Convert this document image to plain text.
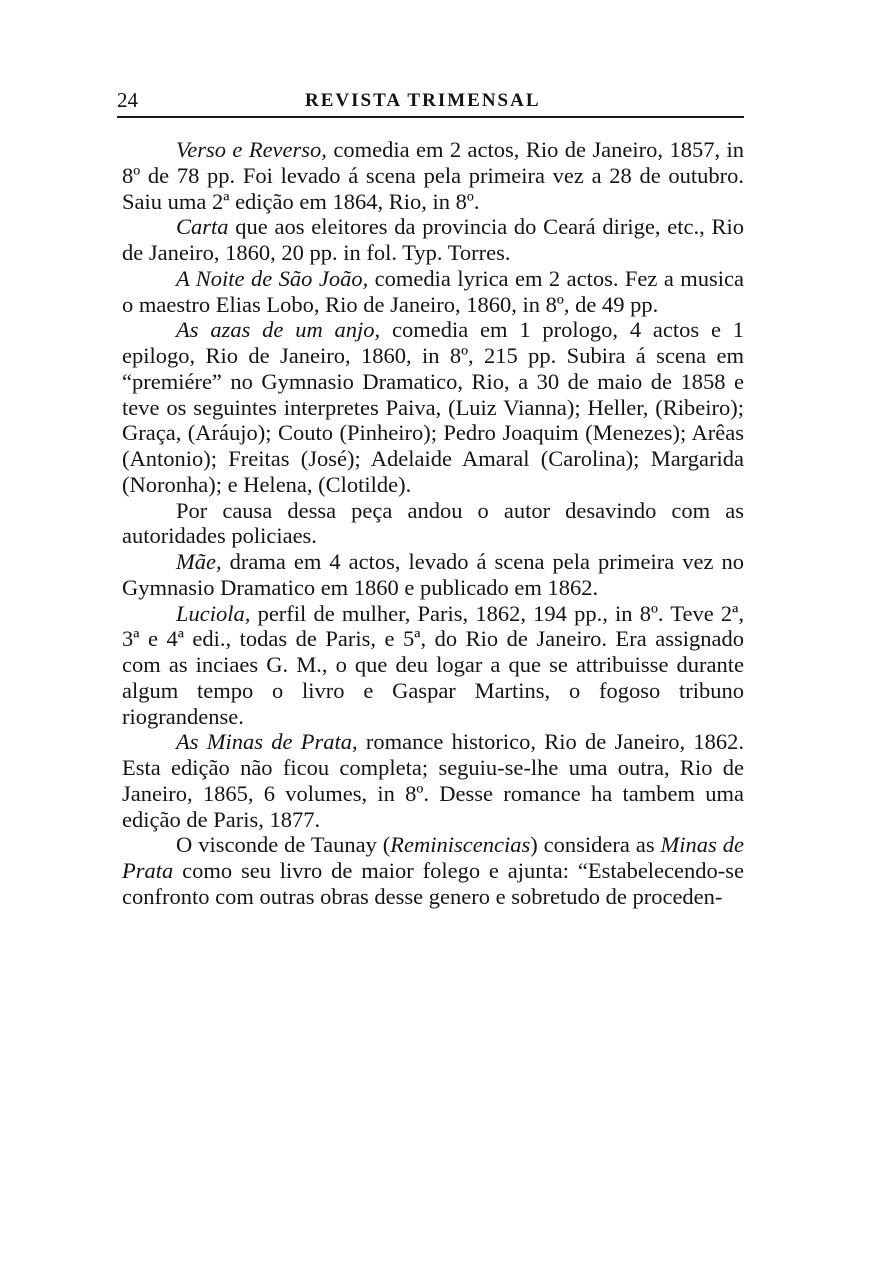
24	REVISTA TRIMENSAL

Verso e Reverso, comedia em 2 actos, Rio de Janeiro, 1857, in 8º de 78 pp. Foi levado á scena pela primeira vez a 28 de outubro. Saiu uma 2ª edição em 1864, Rio, in 8º.

Carta que aos eleitores da provincia do Ceará dirige, etc., Rio de Janeiro, 1860, 20 pp. in fol. Typ. Torres.

A Noite de São João, comedia lyrica em 2 actos. Fez a musica o maestro Elias Lobo, Rio de Janeiro, 1860, in 8º, de 49 pp.

As azas de um anjo, comedia em 1 prologo, 4 actos e 1 epilogo, Rio de Janeiro, 1860, in 8º, 215 pp. Subira á scena em “premiére” no Gymnasio Dramatico, Rio, a 30 de maio de 1858 e teve os seguintes interpretes Paiva, (Luiz Vianna); Heller, (Ribeiro); Graça, (Aráujo); Couto (Pinheiro); Pedro Joaquim (Menezes); Arêas (Antonio); Freitas (José); Adelaide Amaral (Carolina); Margarida (Noronha); e Helena, (Clotilde).

Por causa dessa peça andou o autor desavindo com as autoridades policiaes.

Mãe, drama em 4 actos, levado á scena pela primeira vez no Gymnasio Dramatico em 1860 e publicado em 1862.

Luciola, perfil de mulher, Paris, 1862, 194 pp., in 8º. Teve 2ª, 3ª e 4ª edi., todas de Paris, e 5ª, do Rio de Janeiro. Era assignado com as inciaes G. M., o que deu logar a que se attribuisse durante algum tempo o livro e Gaspar Martins, o fogoso tribuno riograndense.

As Minas de Prata, romance historico, Rio de Janeiro, 1862. Esta edição não ficou completa; seguiu-se-lhe uma outra, Rio de Janeiro, 1865, 6 volumes, in 8º. Desse romance ha tambem uma edição de Paris, 1877.

O visconde de Taunay (Reminiscencias) considera as Minas de Prata como seu livro de maior folego e ajunta: “Estabelecendo-se confronto com outras obras desse genero e sobretudo de proceden-
